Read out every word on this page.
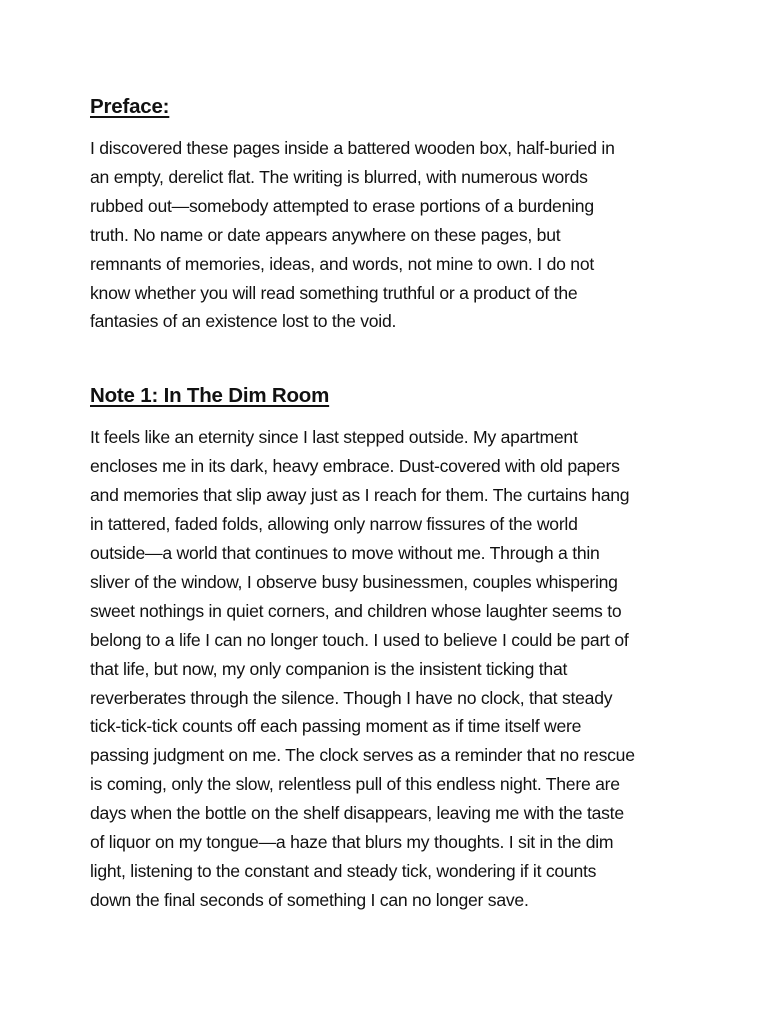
Preface:

I discovered these pages inside a battered wooden box, half-buried in
an empty, derelict flat. The writing is blurred, with numerous words
rubbed out—somebody attempted to erase portions of a burdening
truth. No name or date appears anywhere on these pages, but
remnants of memories, ideas, and words, not mine to own. I do not
know whether you will read something truthful or a product of the
fantasies of an existence lost to the void.

Note 1: In The Dim Room

It feels like an eternity since I last stepped outside. My apartment
encloses me in its dark, heavy embrace. Dust-covered with old papers
and memories that slip away just as I reach for them. The curtains hang
in tattered, faded folds, allowing only narrow fissures of the world
outside—a world that continues to move without me. Through a thin
sliver of the window, I observe busy businessmen, couples whispering
sweet nothings in quiet corners, and children whose laughter seems to
belong to a life I can no longer touch. I used to believe I could be part of
that life, but now, my only companion is the insistent ticking that
reverberates through the silence. Though I have no clock, that steady
tick-tick-tick counts off each passing moment as if time itself were
passing judgment on me. The clock serves as a reminder that no rescue
is coming, only the slow, relentless pull of this endless night. There are
days when the bottle on the shelf disappears, leaving me with the taste
of liquor on my tongue—a haze that blurs my thoughts. I sit in the dim
light, listening to the constant and steady tick, wondering if it counts
down the final seconds of something I can no longer save.
